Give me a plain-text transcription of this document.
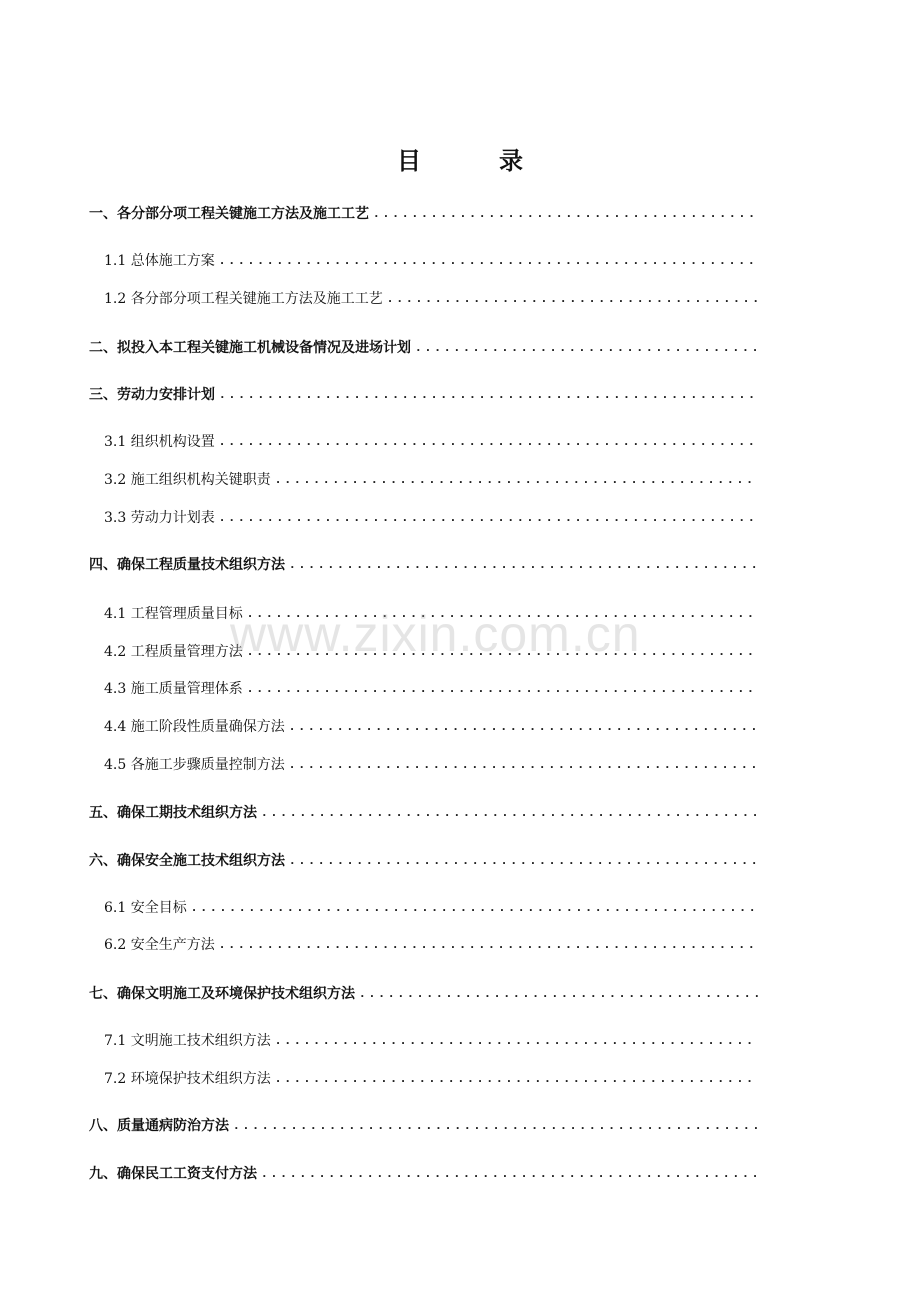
目录
一、各分部分项工程关键施工方法及施工工艺
.....
1.1 总体施工方案
.....
1.2 各分部分项工程关键施工方法及施工工艺
.....
二、拟投入本工程关键施工机械设备情况及进场计划
.....
三、劳动力安排计划
.....
3.1 组织机构设置
.....
3.2 施工组织机构关键职责
.....
3.3 劳动力计划表
.....
四、确保工程质量技术组织方法
.....
4.1 工程管理质量目标
.....
4.2 工程质量管理方法
.....
4.3 施工质量管理体系
.....
4.4 施工阶段性质量确保方法
.....
4.5 各施工步骤质量控制方法
.....
五、确保工期技术组织方法
.....
六、确保安全施工技术组织方法
.....
6.1 安全目标
.....
6.2 安全生产方法
.....
七、确保文明施工及环境保护技术组织方法
.....
7.1 文明施工技术组织方法
.....
7.2 环境保护技术组织方法
.....
八、质量通病防治方法
.....
九、确保民工工资支付方法
.....
www.zixin.com.cn
